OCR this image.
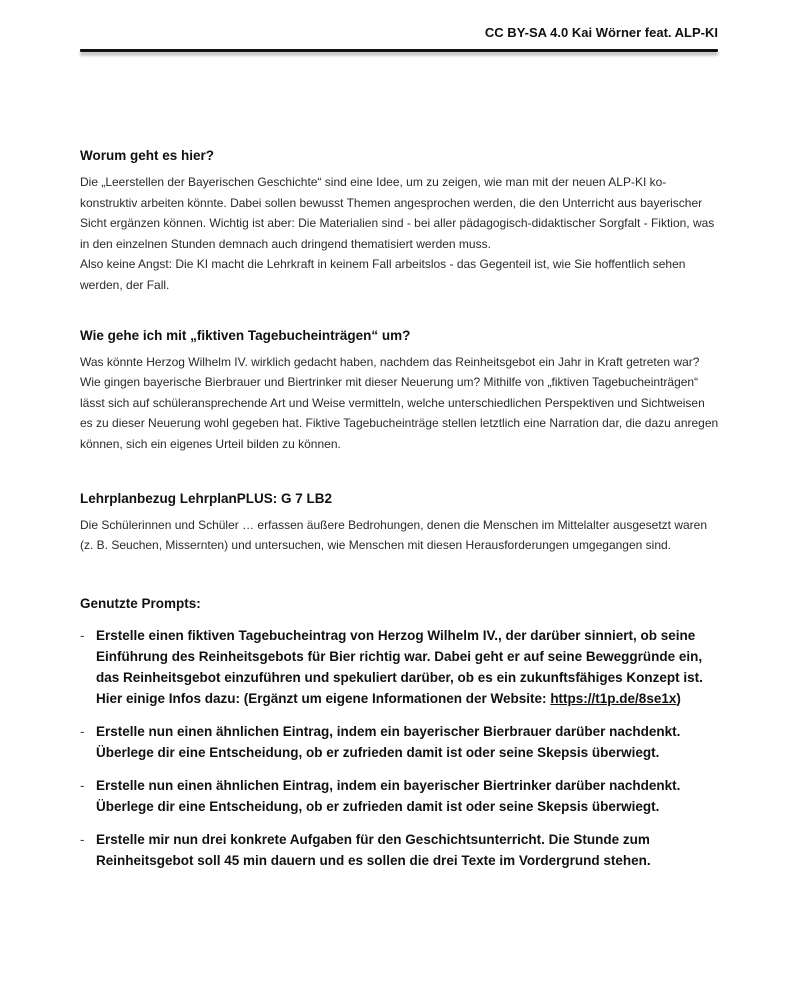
CC BY-SA 4.0 Kai Wörner feat. ALP-KI
Worum geht es hier?

Die „Leerstellen der Bayerischen Geschichte“ sind eine Idee, um zu zeigen, wie man mit der neuen ALP-KI ko-konstruktiv arbeiten könnte. Dabei sollen bewusst Themen angesprochen werden, die den Unterricht aus bayerischer Sicht ergänzen können. Wichtig ist aber: Die Materialien sind - bei aller pädagogisch-didaktischer Sorgfalt - Fiktion, was in den einzelnen Stunden demnach auch dringend thematisiert werden muss.

Also keine Angst: Die KI macht die Lehrkraft in keinem Fall arbeitslos - das Gegenteil ist, wie Sie hoffentlich sehen werden, der Fall.

Wie gehe ich mit „fiktiven Tagebucheinträgen“ um?

Was könnte Herzog Wilhelm IV. wirklich gedacht haben, nachdem das Reinheitsgebot ein Jahr in Kraft getreten war? Wie gingen bayerische Bierbrauer und Biertrinker mit dieser Neuerung um? Mithilfe von „fiktiven Tagebucheinträgen“ lässt sich auf schüleransprechende Art und Weise vermitteln, welche unterschiedlichen Perspektiven und Sichtweisen es zu dieser Neuerung wohl gegeben hat. Fiktive Tagebucheinträge stellen letztlich eine Narration dar, die dazu anregen können, sich ein eigenes Urteil bilden zu können.

Lehrplanbezug LehrplanPLUS: G 7 LB2

Die Schülerinnen und Schüler … erfassen äußere Bedrohungen, denen die Menschen im Mittelalter ausgesetzt waren (z. B. Seuchen, Missernten) und untersuchen, wie Menschen mit diesen Herausforderungen umgegangen sind.

Genutzte Prompts:
- Erstelle einen fiktiven Tagebucheintrag von Herzog Wilhelm IV., der darüber sinniert, ob seine Einführung des Reinheitsgebots für Bier richtig war. Dabei geht er auf seine Beweggründe ein, das Reinheitsgebot einzuführen und spekuliert darüber, ob es ein zukunftsfähiges Konzept ist. Hier einige Infos dazu: (Ergänzt um eigene Informationen der Website: https://t1p.de/8se1x)
- Erstelle nun einen ähnlichen Eintrag, indem ein bayerischer Bierbrauer darüber nachdenkt. Überlege dir eine Entscheidung, ob er zufrieden damit ist oder seine Skepsis überwiegt.
- Erstelle nun einen ähnlichen Eintrag, indem ein bayerischer Biertrinker darüber nachdenkt. Überlege dir eine Entscheidung, ob er zufrieden damit ist oder seine Skepsis überwiegt.
- Erstelle mir nun drei konkrete Aufgaben für den Geschichtsunterricht. Die Stunde zum Reinheitsgebot soll 45 min dauern und es sollen die drei Texte im Vordergrund stehen.
